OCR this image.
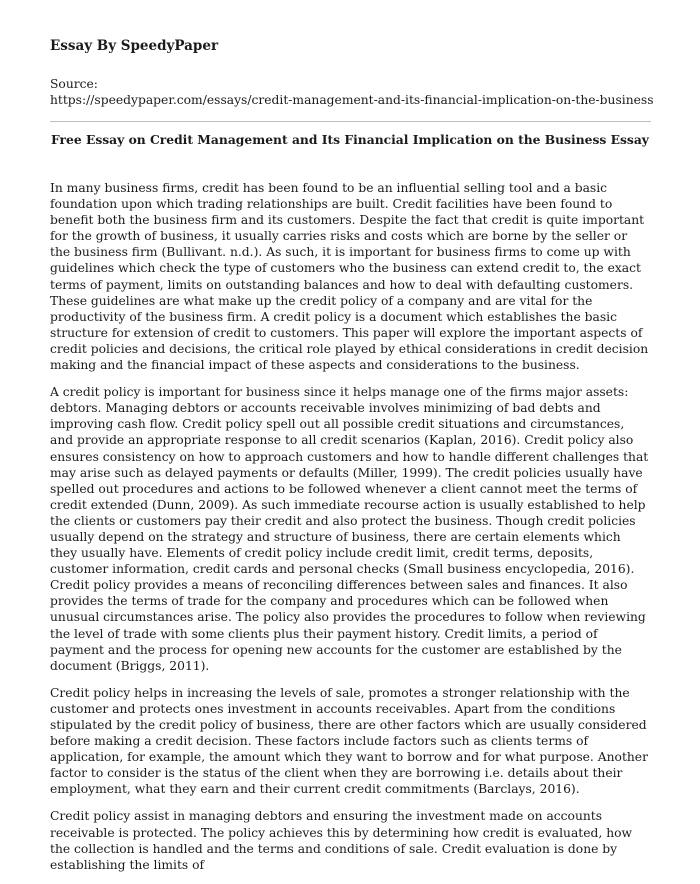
Essay By SpeedyPaper
Source:
https://speedypaper.com/essays/credit-management-and-its-financial-implication-on-the-business
Free Essay on Credit Management and Its Financial Implication on the Business Essay

In many business firms, credit has been found to be an influential selling tool and a basic foundation upon which trading relationships are built. Credit facilities have been found to benefit both the business firm and its customers. Despite the fact that credit is quite important for the growth of business, it usually carries risks and costs which are borne by the seller or the business firm (Bullivant. n.d.). As such, it is important for business firms to come up with guidelines which check the type of customers who the business can extend credit to, the exact terms of payment, limits on outstanding balances and how to deal with defaulting customers. These guidelines are what make up the credit policy of a company and are vital for the productivity of the business firm. A credit policy is a document which establishes the basic structure for extension of credit to customers. This paper will explore the important aspects of credit policies and decisions, the critical role played by ethical considerations in credit decision making and the financial impact of these aspects and considerations to the business.

A credit policy is important for business since it helps manage one of the firms major assets: debtors. Managing debtors or accounts receivable involves minimizing of bad debts and improving cash flow. Credit policy spell out all possible credit situations and circumstances, and provide an appropriate response to all credit scenarios (Kaplan, 2016). Credit policy also ensures consistency on how to approach customers and how to handle different challenges that may arise such as delayed payments or defaults (Miller, 1999). The credit policies usually have spelled out procedures and actions to be followed whenever a client cannot meet the terms of credit extended (Dunn, 2009). As such immediate recourse action is usually established to help the clients or customers pay their credit and also protect the business. Though credit policies usually depend on the strategy and structure of business, there are certain elements which they usually have. Elements of credit policy include credit limit, credit terms, deposits, customer information, credit cards and personal checks (Small business encyclopedia, 2016). Credit policy provides a means of reconciling differences between sales and finances. It also provides the terms of trade for the company and procedures which can be followed when unusual circumstances arise. The policy also provides the procedures to follow when reviewing the level of trade with some clients plus their payment history. Credit limits, a period of payment and the process for opening new accounts for the customer are established by the document (Briggs, 2011).

Credit policy helps in increasing the levels of sale, promotes a stronger relationship with the customer and protects ones investment in accounts receivables. Apart from the conditions stipulated by the credit policy of business, there are other factors which are usually considered before making a credit decision. These factors include factors such as clients terms of application, for example, the amount which they want to borrow and for what purpose. Another factor to consider is the status of the client when they are borrowing i.e. details about their employment, what they earn and their current credit commitments (Barclays, 2016).

Credit policy assist in managing debtors and ensuring the investment made on accounts receivable is protected. The policy achieves this by determining how credit is evaluated, how the collection is handled and the terms and conditions of sale. Credit evaluation is done by establishing the limits of
